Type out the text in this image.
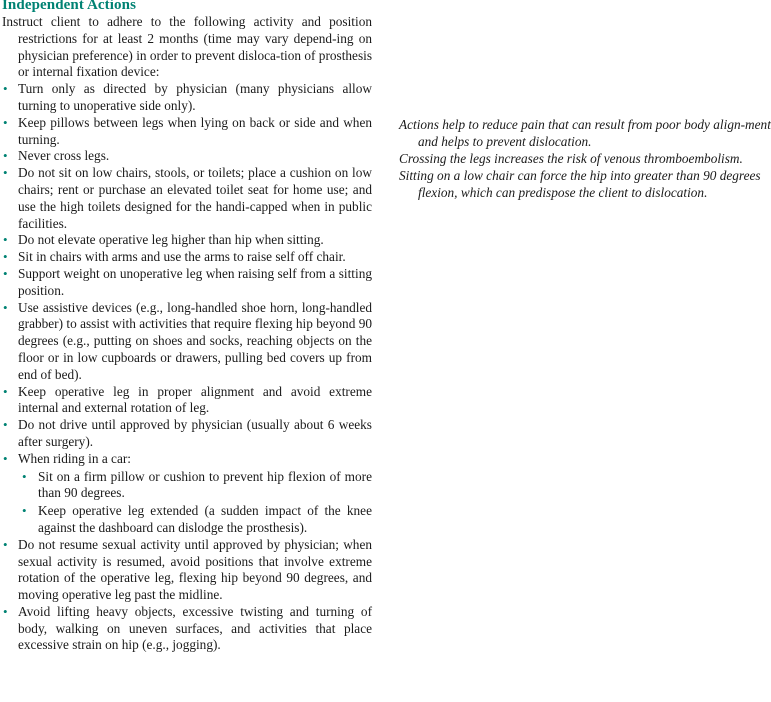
Independent Actions
Instruct client to adhere to the following activity and position restrictions for at least 2 months (time may vary depend-ing on physician preference) in order to prevent disloca-tion of prosthesis or internal fixation device:
• Turn only as directed by physician (many physicians allow turning to unoperative side only).
• Keep pillows between legs when lying on back or side and when turning.
• Never cross legs.
• Do not sit on low chairs, stools, or toilets; place a cushion on low chairs; rent or purchase an elevated toilet seat for home use; and use the high toilets designed for the handi-capped when in public facilities.
• Do not elevate operative leg higher than hip when sitting.
• Sit in chairs with arms and use the arms to raise self off chair.
• Support weight on unoperative leg when raising self from a sitting position.
• Use assistive devices (e.g., long-handled shoe horn, long-handled grabber) to assist with activities that require flexing hip beyond 90 degrees (e.g., putting on shoes and socks, reaching objects on the floor or in low cupboards or drawers, pulling bed covers up from end of bed).
• Keep operative leg in proper alignment and avoid extreme internal and external rotation of leg.
• Do not drive until approved by physician (usually about 6 weeks after surgery).
• When riding in a car:
• Sit on a firm pillow or cushion to prevent hip flexion of more than 90 degrees.
• Keep operative leg extended (a sudden impact of the knee against the dashboard can dislodge the prosthesis).
• Do not resume sexual activity until approved by physician; when sexual activity is resumed, avoid positions that involve extreme rotation of the operative leg, flexing hip beyond 90 degrees, and moving operative leg past the midline.
• Avoid lifting heavy objects, excessive twisting and turning of body, walking on uneven surfaces, and activities that place excessive strain on hip (e.g., jogging).
Actions help to reduce pain that can result from poor body align-ment and helps to prevent dislocation.
Crossing the legs increases the risk of venous thromboembolism.
Sitting on a low chair can force the hip into greater than 90 degrees flexion, which can predispose the client to dislocation.
